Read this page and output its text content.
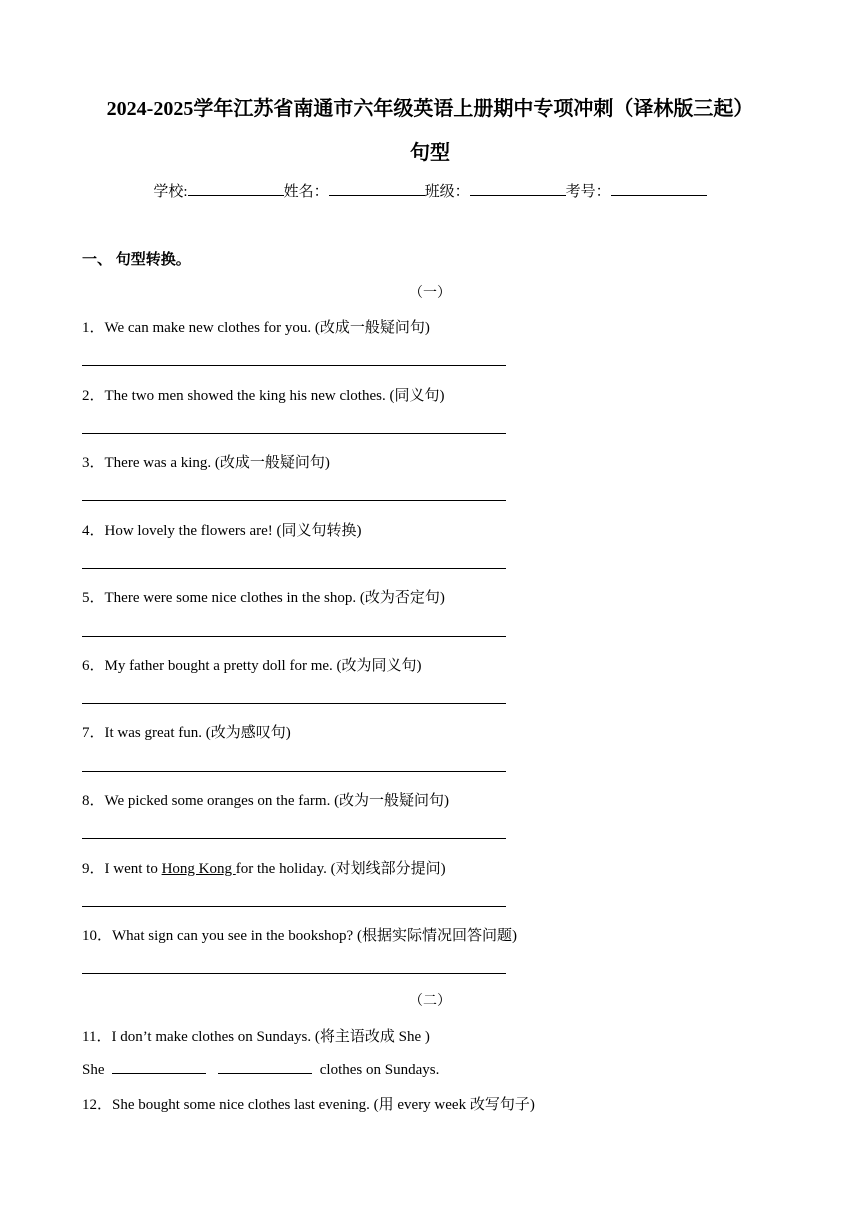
2024-2025学年江苏省南通市六年级英语上册期中专项冲刺（译林版三起）
句型
学校:	姓名：	班级：	考号：
一、 句型转换。
（一）
1．We can make new clothes for you. (改成一般疑问句)
2．The two men showed the king his new clothes. (同义句)
3．There was a king. (改成一般疑问句)
4．How lovely the flowers are! (同义句转换)
5．There were some nice clothes in the shop. (改为否定句)
6．My father bought a pretty doll for me. (改为同义句)
7．It was great fun. (改为感叹句)
8．We picked some oranges on the farm. (改为一般疑问句)
9．I went to Hong Kong for the holiday. (对划线部分提问)
10．What sign can you see in the bookshop? (根据实际情况回答问题)
（二）
11．I don’t make clothes on Sundays. (将主语改成 She )
She	clothes on Sundays.
12．She bought some nice clothes last evening. (用 every week 改写句子)
